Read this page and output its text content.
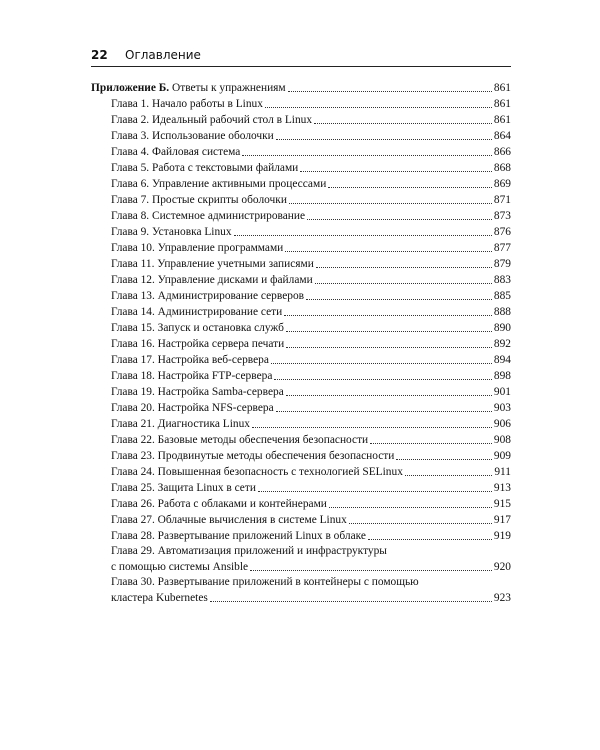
22 Оглавление
Приложение Б. Ответы к упражнениям	861
Глава 1. Начало работы в Linux	861
Глава 2. Идеальный рабочий стол в Linux	861
Глава 3. Использование оболочки	864
Глава 4. Файловая система	866
Глава 5. Работа с текстовыми файлами	868
Глава 6. Управление активными процессами	869
Глава 7. Простые скрипты оболочки	871
Глава 8. Системное администрирование	873
Глава 9. Установка Linux	876
Глава 10. Управление программами	877
Глава 11. Управление учетными записями	879
Глава 12. Управление дисками и файлами	883
Глава 13. Администрирование серверов	885
Глава 14. Администрирование сети	888
Глава 15. Запуск и остановка служб	890
Глава 16. Настройка сервера печати	892
Глава 17. Настройка веб-сервера	894
Глава 18. Настройка FTP-сервера	898
Глава 19. Настройка Samba-сервера	901
Глава 20. Настройка NFS-сервера	903
Глава 21. Диагностика Linux	906
Глава 22. Базовые методы обеспечения безопасности	908
Глава 23. Продвинутые методы обеспечения безопасности	909
Глава 24. Повышенная безопасность с технологией SELinux	911
Глава 25. Защита Linux в сети	913
Глава 26. Работа с облаками и контейнерами	915
Глава 27. Облачные вычисления в системе Linux	917
Глава 28. Развертывание приложений Linux в облаке	919
Глава 29. Автоматизация приложений и инфраструктуры
с помощью системы Ansible	920
Глава 30. Развертывание приложений в контейнеры с помощью
кластера Kubernetes	923
